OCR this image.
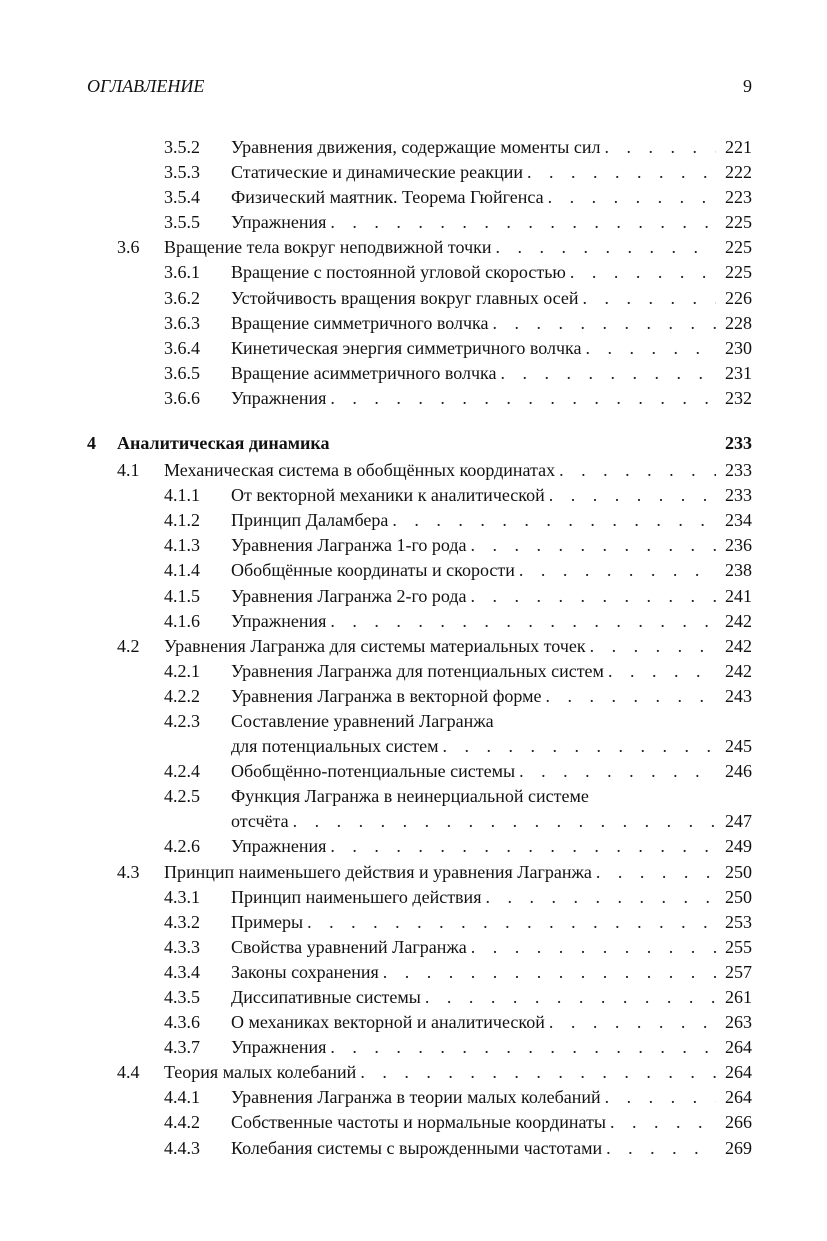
ОГЛАВЛЕНИЕ	9
3.5.2 Уравнения движения, содержащие моменты сил . . .	221
3.5.3 Статические и динамические реакции . . .	222
3.5.4 Физический маятник. Теорема Гюйгенса . . .	223
3.5.5 Упражнения . . .	225
3.6 Вращение тела вокруг неподвижной точки . . .	225
3.6.1 Вращение с постоянной угловой скоростью . . .	225
3.6.2 Устойчивость вращения вокруг главных осей . . .	226
3.6.3 Вращение симметричного волчка . . .	228
3.6.4 Кинетическая энергия симметричного волчка . . .	230
3.6.5 Вращение асимметричного волчка . . .	231
3.6.6 Упражнения . . .	232
4 Аналитическая динамика	233
4.1 Механическая система в обобщённых координатах . . .	233
4.1.1 От векторной механики к аналитической . . .	233
4.1.2 Принцип Даламбера . . .	234
4.1.3 Уравнения Лагранжа 1-го рода . . .	236
4.1.4 Обобщённые координаты и скорости . . .	238
4.1.5 Уравнения Лагранжа 2-го рода . . .	241
4.1.6 Упражнения . . .	242
4.2 Уравнения Лагранжа для системы материальных точек . . .	242
4.2.1 Уравнения Лагранжа для потенциальных систем . . .	242
4.2.2 Уравнения Лагранжа в векторной форме . . .	243
4.2.3 Составление уравнений Лагранжа
для потенциальных систем . . .	245
4.2.4 Обобщённо-потенциальные системы . . .	246
4.2.5 Функция Лагранжа в неинерциальной системе
отсчёта . . .	247
4.2.6 Упражнения . . .	249
4.3 Принцип наименьшего действия и уравнения Лагранжа . . .	250
4.3.1 Принцип наименьшего действия . . .	250
4.3.2 Примеры . . .	253
4.3.3 Свойства уравнений Лагранжа . . .	255
4.3.4 Законы сохранения . . .	257
4.3.5 Диссипативные системы . . .	261
4.3.6 О механиках векторной и аналитической . . .	263
4.3.7 Упражнения . . .	264
4.4 Теория малых колебаний . . .	264
4.4.1 Уравнения Лагранжа в теории малых колебаний . . .	264
4.4.2 Собственные частоты и нормальные координаты . . .	266
4.4.3 Колебания системы с вырожденными частотами . . .	269
